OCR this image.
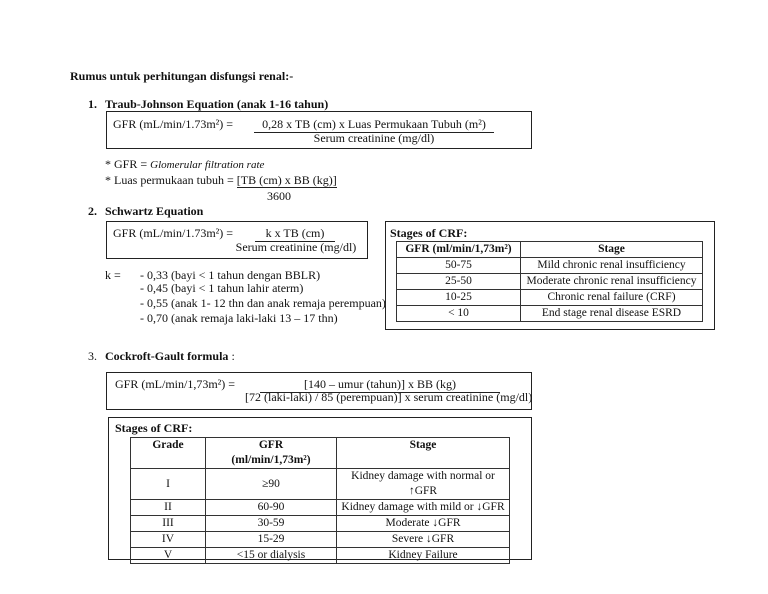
Rumus untuk perhitungan disfungsi renal:-
1. Traub-Johnson Equation (anak 1-16 tahun)
GFR (mL/min/1.73m²) =	0,28 x TB (cm) x Luas Permukaan Tubuh (m²)
Serum creatinine (mg/dl)
* GFR = Glomerular filtration rate
* Luas permukaan tubuh = [TB (cm) x BB (kg)]
3600
2. Schwartz Equation
GFR (mL/min/1.73m²) =	k x TB (cm)
Serum creatinine (mg/dl)
k = - 0,33 (bayi < 1 tahun dengan BBLR)
- 0,45 (bayi < 1 tahun lahir aterm)
- 0,55 (anak 1- 12 thn dan anak remaja perempuan)
- 0,70 (anak remaja laki-laki 13 – 17 thn)
Stages of CRF:
GFR (ml/min/1,73m²)	Stage
50-75	Mild chronic renal insufficiency
25-50	Moderate chronic renal insufficiency
10-25	Chronic renal failure (CRF)
< 10	End stage renal disease ESRD
3. Cockroft-Gault formula :
GFR (mL/min/1,73m²) =	[140 – umur (tahun)] x BB (kg)
[72 (laki-laki) / 85 (perempuan)] x serum creatinine (mg/dl)
Stages of CRF:
Grade	GFR (ml/min/1,73m²)	Stage
I	≥90	Kidney damage with normal or ↑GFR
II	60-90	Kidney damage with mild or ↓GFR
III	30-59	Moderate ↓GFR
IV	15-29	Severe ↓GFR
V	<15 or dialysis	Kidney Failure
